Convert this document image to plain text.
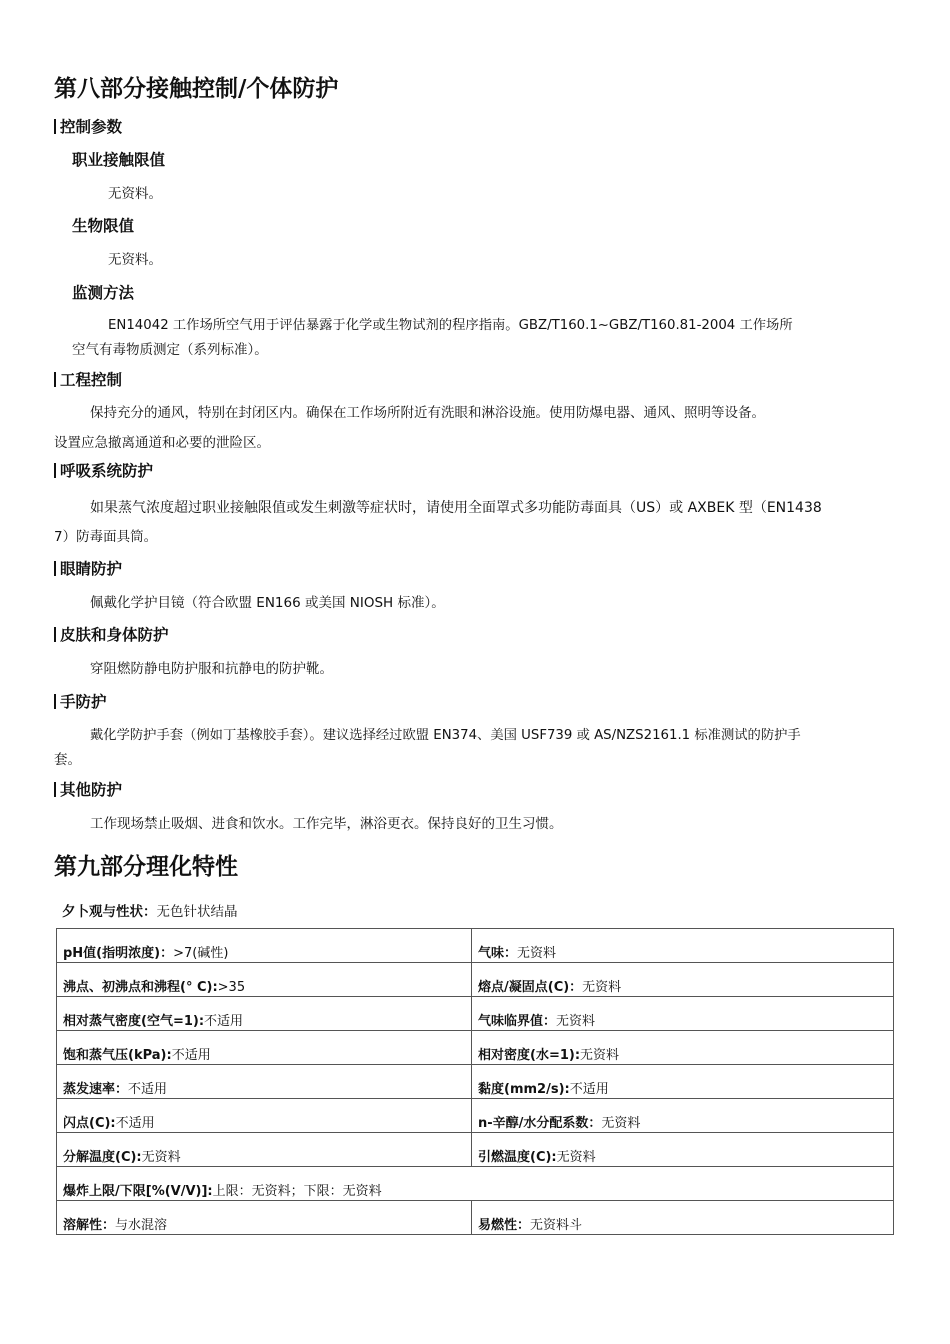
第八部分接触控制/个体防护
控制参数
职业接触限值
无资料。
生物限值
无资料。
监测方法
EN14042 工作场所空气用于评估暴露于化学或生物试剂的程序指南。GBZ/T160.1~GBZ/T160.81-2004 工作场所
空气有毒物质测定（系列标准）。
工程控制
保持充分的通风，特别在封闭区内。确保在工作场所附近有洗眼和淋浴设施。使用防爆电器、通风、照明等设备。
设置应急撤离通道和必要的泄险区。
呼吸系统防护
如果蒸气浓度超过职业接触限值或发生刺激等症状时，请使用全面罩式多功能防毒面具（US）或 AXBEK 型（EN1438
7）防毒面具筒。
眼睛防护
佩戴化学护目镜（符合欧盟 EN166 或美国 NIOSH 标准）。
皮肤和身体防护
穿阻燃防静电防护服和抗静电的防护靴。
手防护
戴化学防护手套（例如丁基橡胶手套）。建议选择经过欧盟 EN374、美国 USF739 或 AS/NZS2161.1 标准测试的防护手
套。
其他防护
工作现场禁止吸烟、进食和饮水。工作完毕，淋浴更衣。保持良好的卫生习惯。
第九部分理化特性
夕卜观与性状：无色针状结晶
pH值(指明浓度)：>7(碱性)	气味：无资料
沸点、初沸点和沸程(° C):>35	熔点/凝固点(C)：无资料
相对蒸气密度(空气=1):不适用	气味临界值：无资料
饱和蒸气压(kPa):不适用	相对密度(水=1):无资料
蒸发速率：不适用	黏度(mm2/s):不适用
闪点(C):不适用	n-辛醇/水分配系数：无资料
分解温度(C):无资料	引燃温度(C):无资料
爆炸上限/下限[%(V/V)]:上限：无资料；下限：无资料	
溶解性：与水混溶	易燃性：无资料斗
